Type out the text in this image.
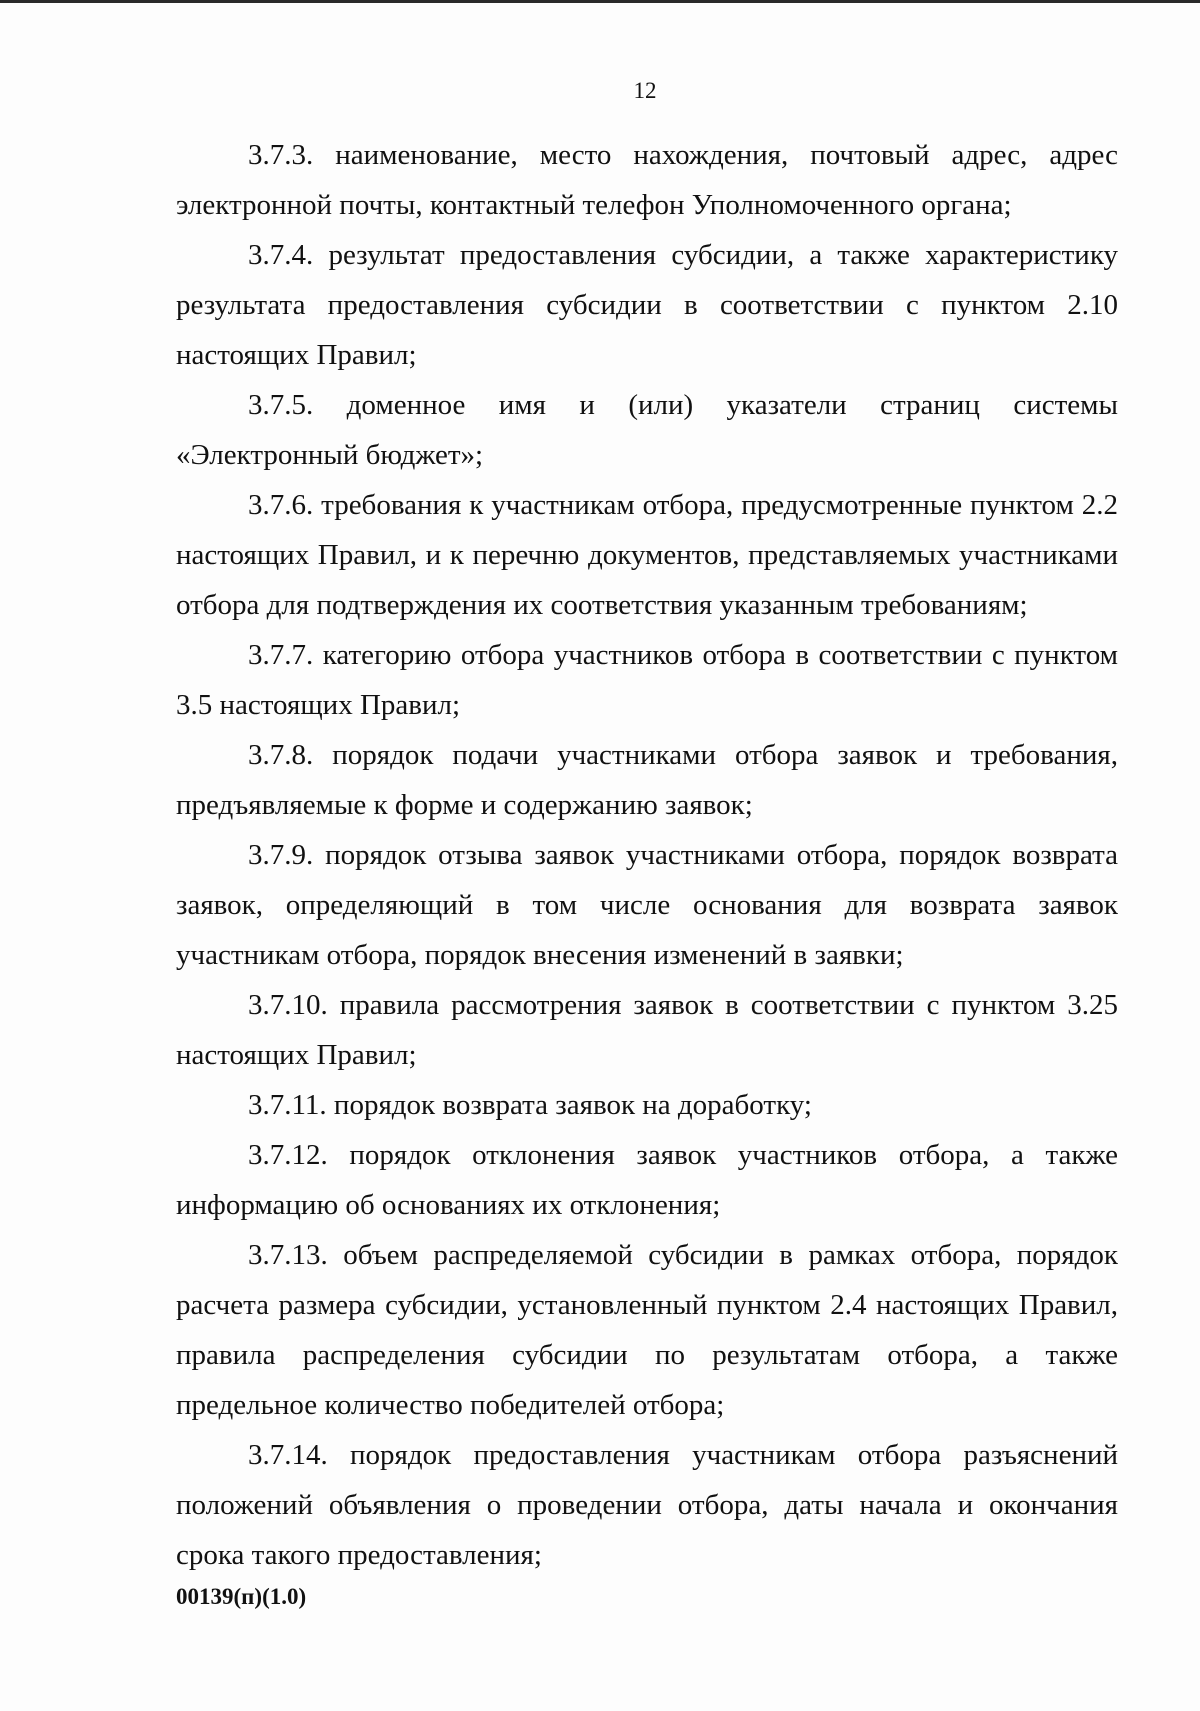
12

3.7.3. наименование, место нахождения, почтовый адрес, адрес электронной почты, контактный телефон Уполномоченного органа;

3.7.4. результат предоставления субсидии, а также характеристику результата предоставления субсидии в соответствии с пунктом 2.10 настоящих Правил;

3.7.5. доменное имя и (или) указатели страниц системы «Электронный бюджет»;

3.7.6. требования к участникам отбора, предусмотренные пунктом 2.2 настоящих Правил, и к перечню документов, представляемых участниками отбора для подтверждения их соответствия указанным требованиям;

3.7.7. категорию отбора участников отбора в соответствии с пунктом 3.5 настоящих Правил;

3.7.8. порядок подачи участниками отбора заявок и требования, предъявляемые к форме и содержанию заявок;

3.7.9. порядок отзыва заявок участниками отбора, порядок возврата заявок, определяющий в том числе основания для возврата заявок участникам отбора, порядок внесения изменений в заявки;

3.7.10. правила рассмотрения заявок в соответствии с пунктом 3.25 настоящих Правил;

3.7.11. порядок возврата заявок на доработку;

3.7.12. порядок отклонения заявок участников отбора, а также информацию об основаниях их отклонения;

3.7.13. объем распределяемой субсидии в рамках отбора, порядок расчета размера субсидии, установленный пунктом 2.4 настоящих Правил, правила распределения субсидии по результатам отбора, а также предельное количество победителей отбора;

3.7.14. порядок предоставления участникам отбора разъяснений положений объявления о проведении отбора, даты начала и окончания срока такого предоставления;

00139(п)(1.0)
